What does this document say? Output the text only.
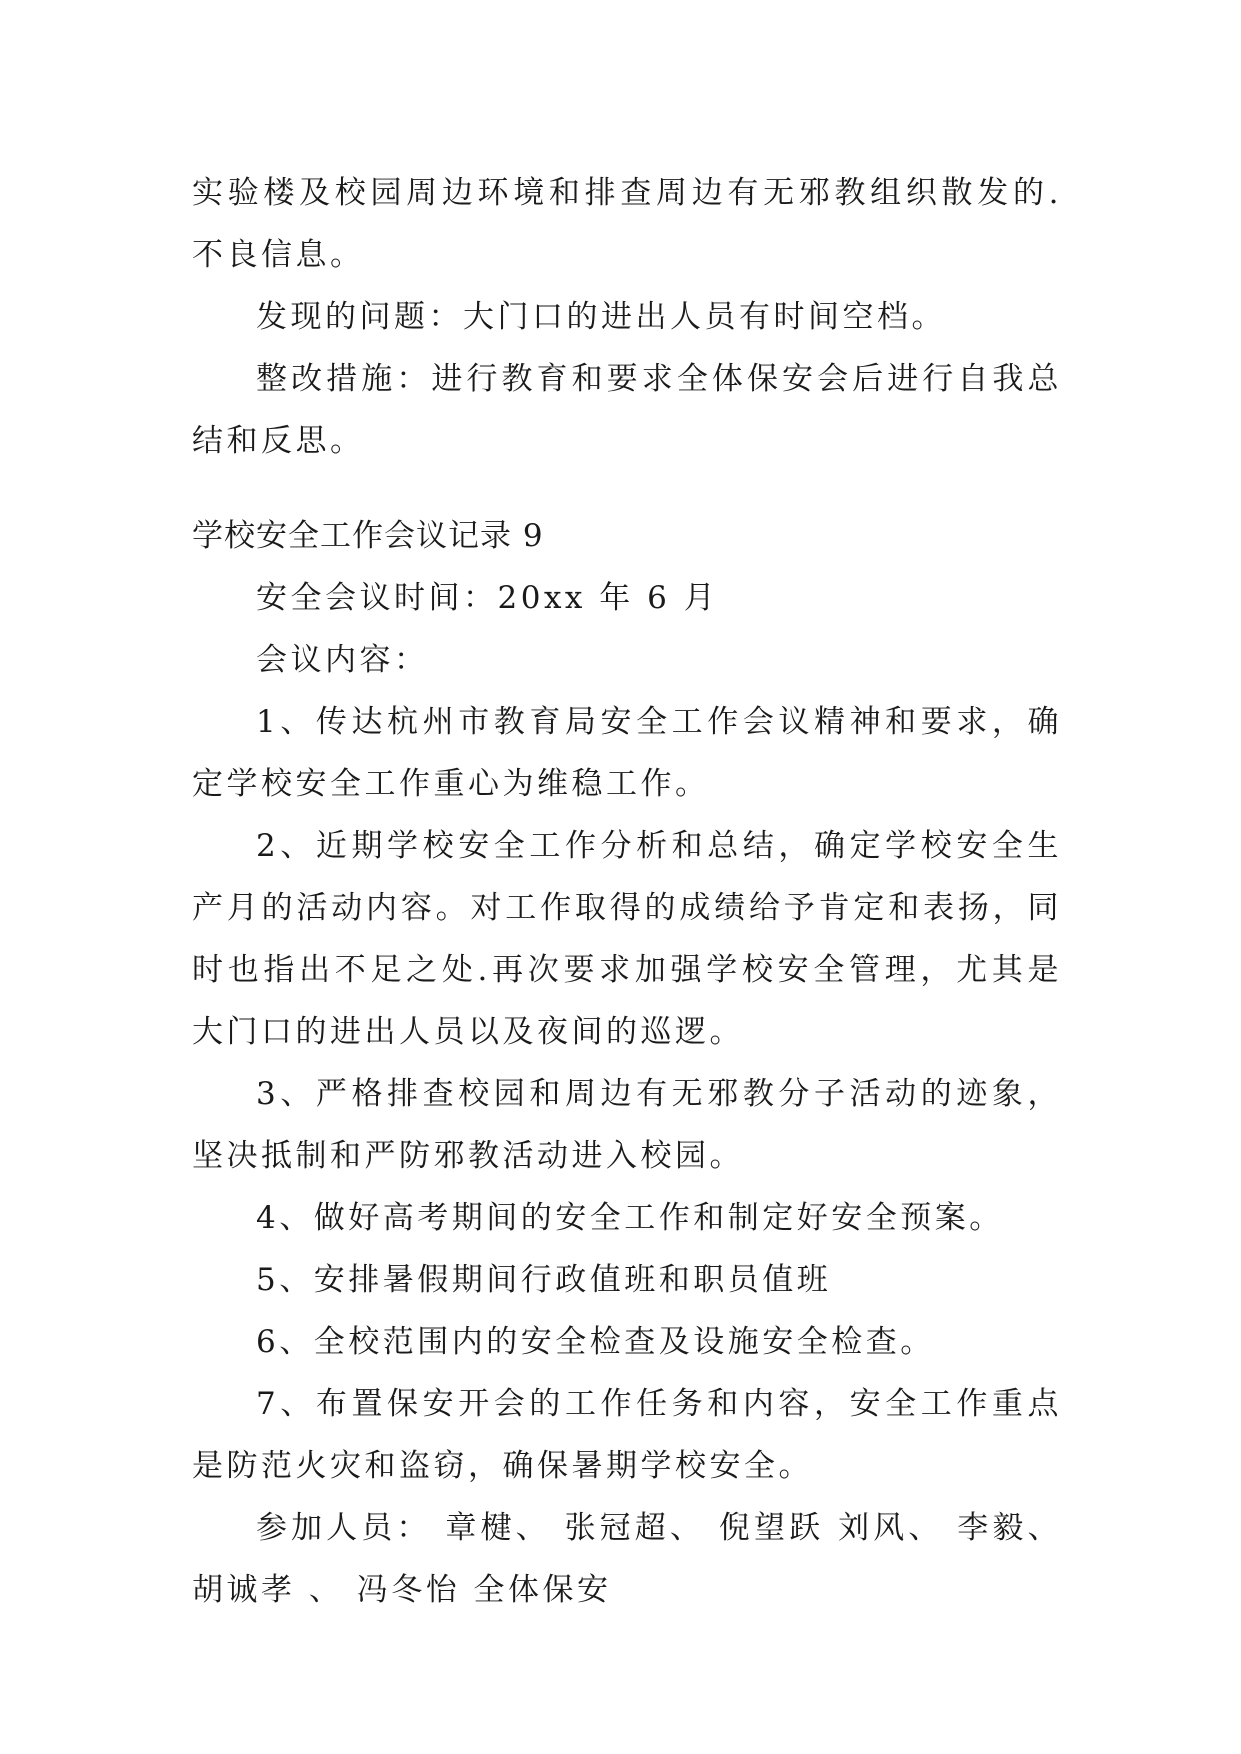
实验楼及校园周边环境和排查周边有无邪教组织散发的.不良信息。

发现的问题：大门口的进出人员有时间空档。

整改措施：进行教育和要求全体保安会后进行自我总结和反思。

学校安全工作会议记录 9

安全会议时间：20xx 年 6 月

会议内容：

1、传达杭州市教育局安全工作会议精神和要求，确定学校安全工作重心为维稳工作。

2、近期学校安全工作分析和总结，确定学校安全生产月的活动内容。对工作取得的成绩给予肯定和表扬，同时也指出不足之处.再次要求加强学校安全管理，尤其是大门口的进出人员以及夜间的巡逻。

3、严格排查校园和周边有无邪教分子活动的迹象，坚决抵制和严防邪教活动进入校园。

4、做好高考期间的安全工作和制定好安全预案。

5、安排暑假期间行政值班和职员值班

6、全校范围内的安全检查及设施安全检查。

7、布置保安开会的工作任务和内容，安全工作重点是防范火灾和盗窃，确保暑期学校安全。

参加人员： 章楗、 张冠超、 倪望跃 刘风、 李毅、胡诚孝 、 冯冬怡 全体保安
